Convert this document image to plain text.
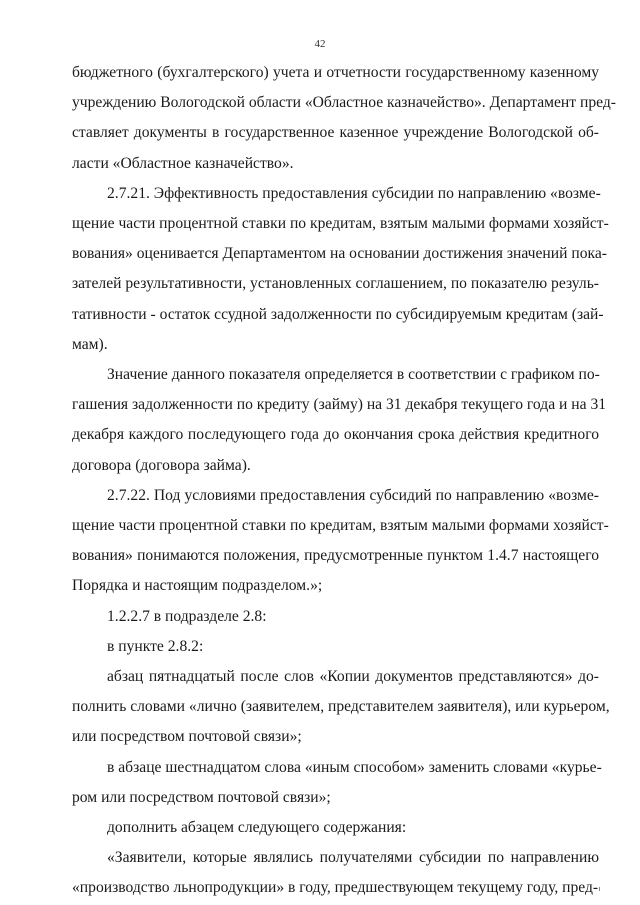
42
бюджетного (бухгалтерского) учета и отчетности государственному казенному
учреждению Вологодской области «Областное казначейство». Департамент пред-
ставляет документы в государственное казенное учреждение Вологодской об-
ласти «Областное казначейство».
2.7.21. Эффективность предоставления субсидии по направлению «возме-
щение части процентной ставки по кредитам, взятым малыми формами хозяйст-
вования» оценивается Департаментом на основании достижения значений пока-
зателей результативности, установленных соглашением, по показателю резуль-
тативности - остаток ссудной задолженности по субсидируемым кредитам (зай-
мам).
Значение данного показателя определяется в соответствии с графиком по-
гашения задолженности по кредиту (займу) на 31 декабря текущего года и на 31
декабря каждого последующего года до окончания срока действия кредитного
договора (договора займа).
2.7.22. Под условиями предоставления субсидий по направлению «возме-
щение части процентной ставки по кредитам, взятым малыми формами хозяйст-
вования» понимаются положения, предусмотренные пунктом 1.4.7 настоящего
Порядка и настоящим подразделом.»;
1.2.2.7 в подразделе 2.8:
в пункте 2.8.2:
абзац пятнадцатый после слов «Копии документов представляются» до-
полнить словами «лично (заявителем, представителем заявителя), или курьером,
или посредством почтовой связи»;
в абзаце шестнадцатом слова «иным способом» заменить словами «курье-
ром или посредством почтовой связи»;
дополнить абзацем следующего содержания:
«Заявители, которые являлись получателями субсидии по направлению
«производство льнопродукции» в году, предшествующем текущему году, пред-
